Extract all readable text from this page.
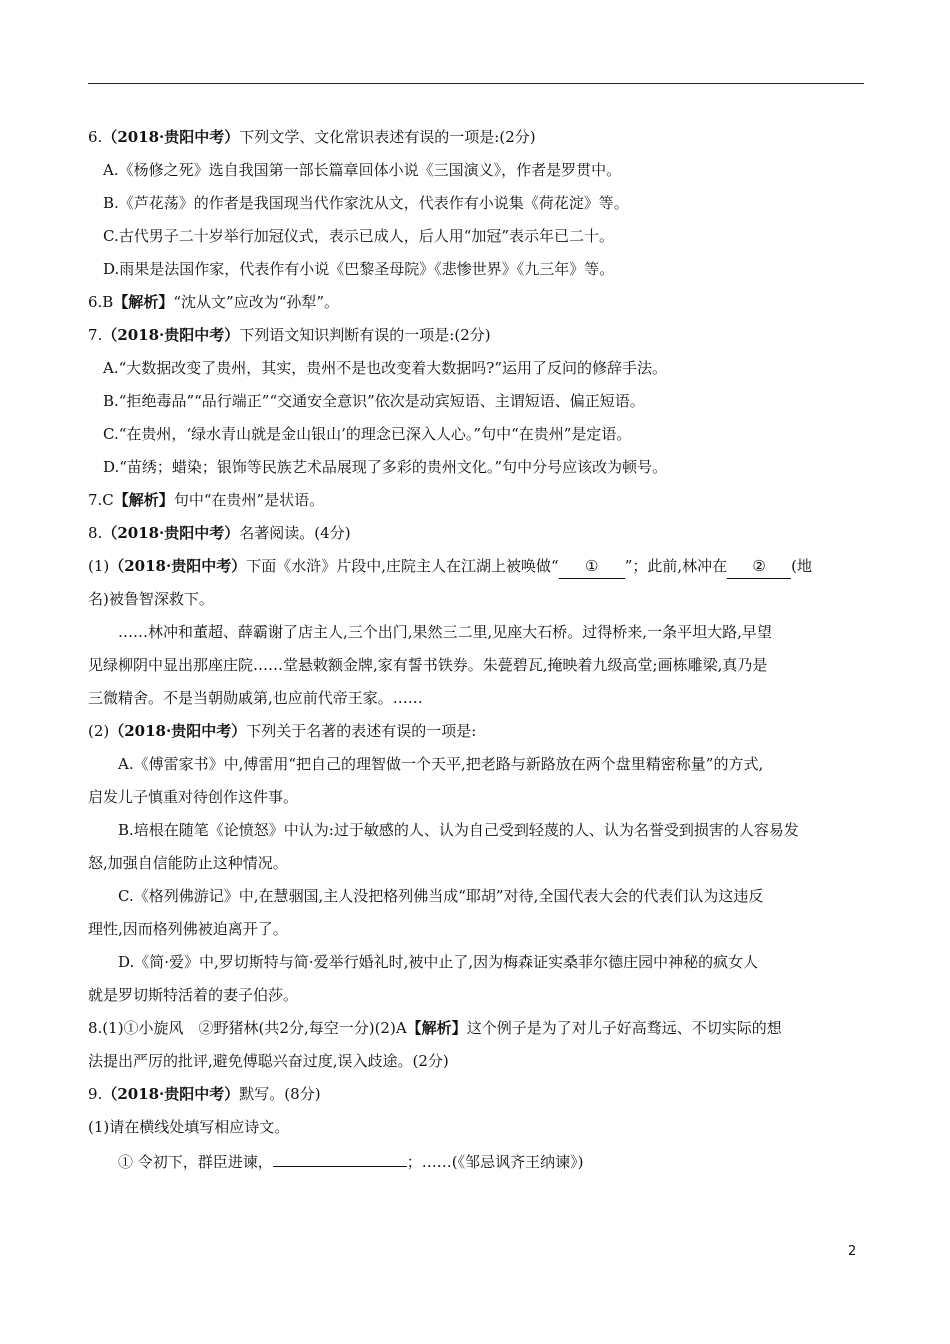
6.（2018·贵阳中考）下列文学、文化常识表述有误的一项是:(2分)
A.《杨修之死》选自我国第一部长篇章回体小说《三国演义》，作者是罗贯中。
B.《芦花荡》的作者是我国现当代作家沈从文，代表作有小说集《荷花淀》等。
C.古代男子二十岁举行加冠仪式，表示已成人，后人用“加冠”表示年已二十。
D.雨果是法国作家，代表作有小说《巴黎圣母院》《悲惨世界》《九三年》等。
6.B【解析】“沈从文”应改为“孙犁”。
7.（2018·贵阳中考）下列语文知识判断有误的一项是:(2分)
A.“大数据改变了贵州，其实，贵州不是也改变着大数据吗?”运用了反问的修辞手法。
B.“拒绝毒品”“品行端正”“交通安全意识”依次是动宾短语、主谓短语、偏正短语。
C.“在贵州，‘绿水青山就是金山银山’的理念已深入人心。”句中“在贵州”是定语。
D.“苗绣；蜡染；银饰等民族艺术品展现了多彩的贵州文化。”句中分号应该改为顿号。
7.C【解析】句中“在贵州”是状语。
8.（2018·贵阳中考）名著阅读。(4分)
(1)（2018·贵阳中考）下面《水浒》片段中,庄院主人在江湖上被唤做“ ① ”；此前,林冲在 ② (地
名)被鲁智深救下。
……林冲和董超、薛霸谢了店主人,三个出门,果然三二里,见座大石桥。过得桥来,一条平坦大路,早望
见绿柳阴中显出那座庄院……堂悬敕额金牌,家有誓书铁券。朱甍碧瓦,掩映着九级高堂;画栋雕梁,真乃是
三微精舍。不是当朝勋戚第,也应前代帝王家。……
(2)（2018·贵阳中考）下列关于名著的表述有误的一项是:
A.《傅雷家书》中,傅雷用“把自己的理智做一个天平,把老路与新路放在两个盘里精密称量”的方式,
启发儿子慎重对待创作这件事。
B.培根在随笔《论愤怒》中认为:过于敏感的人、认为自己受到轻蔑的人、认为名誉受到损害的人容易发
怒,加强自信能防止这种情况。
C.《格列佛游记》中,在慧骃国,主人没把格列佛当成“耶胡”对待,全国代表大会的代表们认为这违反
理性,因而格列佛被迫离开了。
D.《简·爱》中,罗切斯特与简·爱举行婚礼时,被中止了,因为梅森证实桑菲尔德庄园中神秘的疯女人
就是罗切斯特活着的妻子伯莎。
8.(1)①小旋风　②野猪林(共2分,每空一分)(2)A【解析】这个例子是为了对儿子好高骛远、不切实际的想
法提出严厉的批评,避免傅聪兴奋过度,误入歧途。(2分)
9.（2018·贵阳中考）默写。(8分)
(1)请在横线处填写相应诗文。
① 令初下，群臣进谏，	；……(《邹忌讽齐王纳谏》)
2
